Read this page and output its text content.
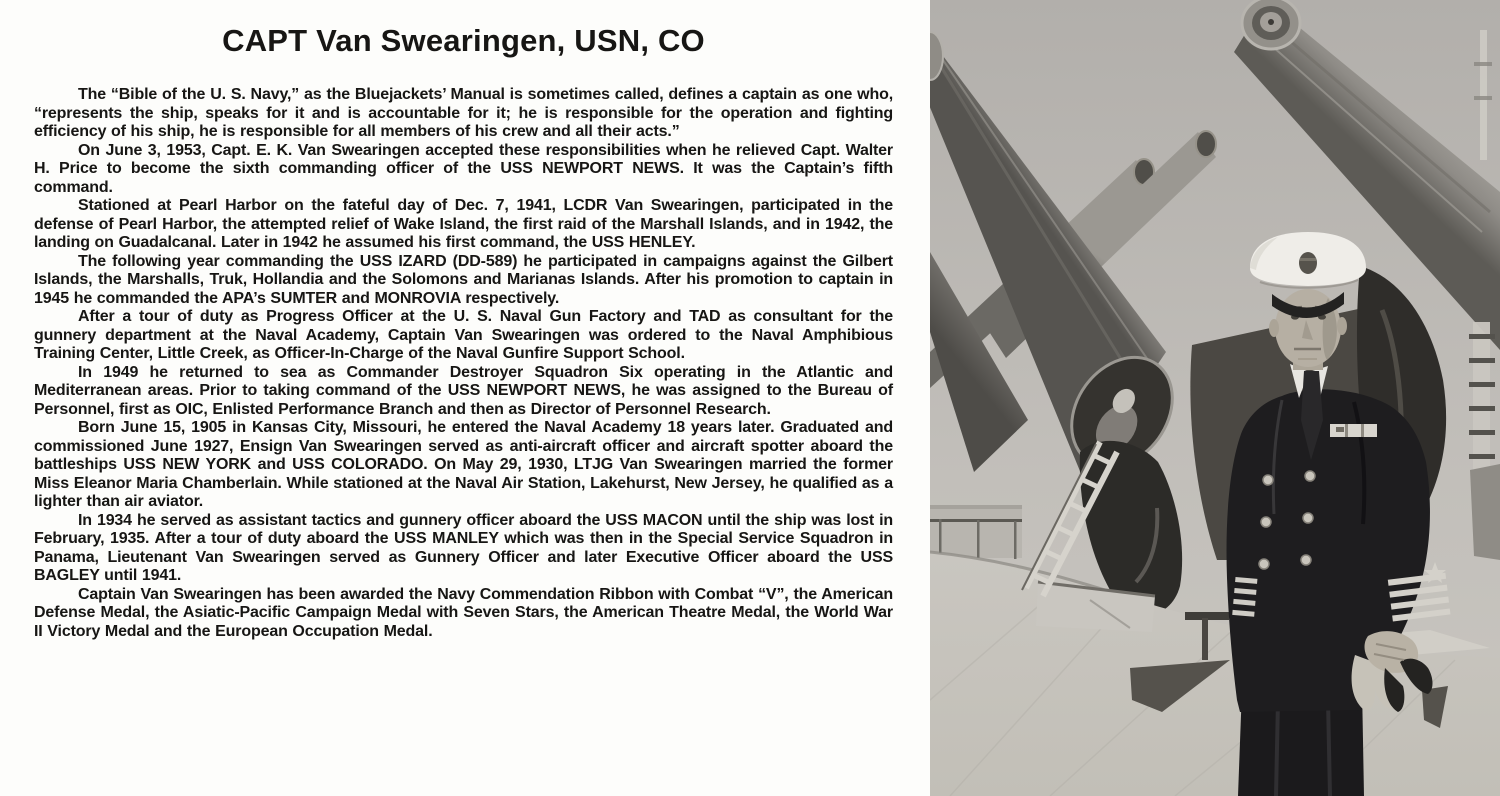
CAPT Van Swearingen, USN, CO

The “Bible of the U. S. Navy,” as the Bluejackets’ Manual is sometimes called, defines a captain as one who, “represents the ship, speaks for it and is accountable for it; he is responsible for the operation and fighting efficiency of his ship, he is responsible for all members of his crew and all their acts.”

On June 3, 1953, Capt. E. K. Van Swearingen accepted these responsibilities when he relieved Capt. Walter H. Price to become the sixth commanding officer of the USS NEWPORT NEWS. It was the Captain’s fifth command.

Stationed at Pearl Harbor on the fateful day of Dec. 7, 1941, LCDR Van Swearingen, participated in the defense of Pearl Harbor, the attempted relief of Wake Island, the first raid of the Marshall Islands, and in 1942, the landing on Guadalcanal. Later in 1942 he assumed his first command, the USS HENLEY.

The following year commanding the USS IZARD (DD-589) he participated in campaigns against the Gilbert Islands, the Marshalls, Truk, Hollandia and the Solomons and Marianas Islands. After his promotion to captain in 1945 he commanded the APA’s SUMTER and MONROVIA respectively.

After a tour of duty as Progress Officer at the U. S. Naval Gun Factory and TAD as consultant for the gunnery department at the Naval Academy, Captain Van Swearingen was ordered to the Naval Amphibious Training Center, Little Creek, as Officer-In-Charge of the Naval Gunfire Support School.

In 1949 he returned to sea as Commander Destroyer Squadron Six operating in the Atlantic and Mediterranean areas. Prior to taking command of the USS NEWPORT NEWS, he was assigned to the Bureau of Personnel, first as OIC, Enlisted Performance Branch and then as Director of Personnel Research.

Born June 15, 1905 in Kansas City, Missouri, he entered the Naval Academy 18 years later. Graduated and commissioned June 1927, Ensign Van Swearingen served as anti-aircraft officer and aircraft spotter aboard the battleships USS NEW YORK and USS COLORADO. On May 29, 1930, LTJG Van Swearingen married the former Miss Eleanor Maria Chamberlain. While stationed at the Naval Air Station, Lakehurst, New Jersey, he qualified as a lighter than air aviator.

In 1934 he served as assistant tactics and gunnery officer aboard the USS MACON until the ship was lost in February, 1935. After a tour of duty aboard the USS MANLEY which was then in the Special Service Squadron in Panama, Lieutenant Van Swearingen served as Gunnery Officer and later Executive Officer aboard the USS BAGLEY until 1941.

Captain Van Swearingen has been awarded the Navy Commendation Ribbon with Combat “V”, the American Defense Medal, the Asiatic-Pacific Campaign Medal with Seven Stars, the American Theatre Medal, the World War II Victory Medal and the European Occupation Medal.
